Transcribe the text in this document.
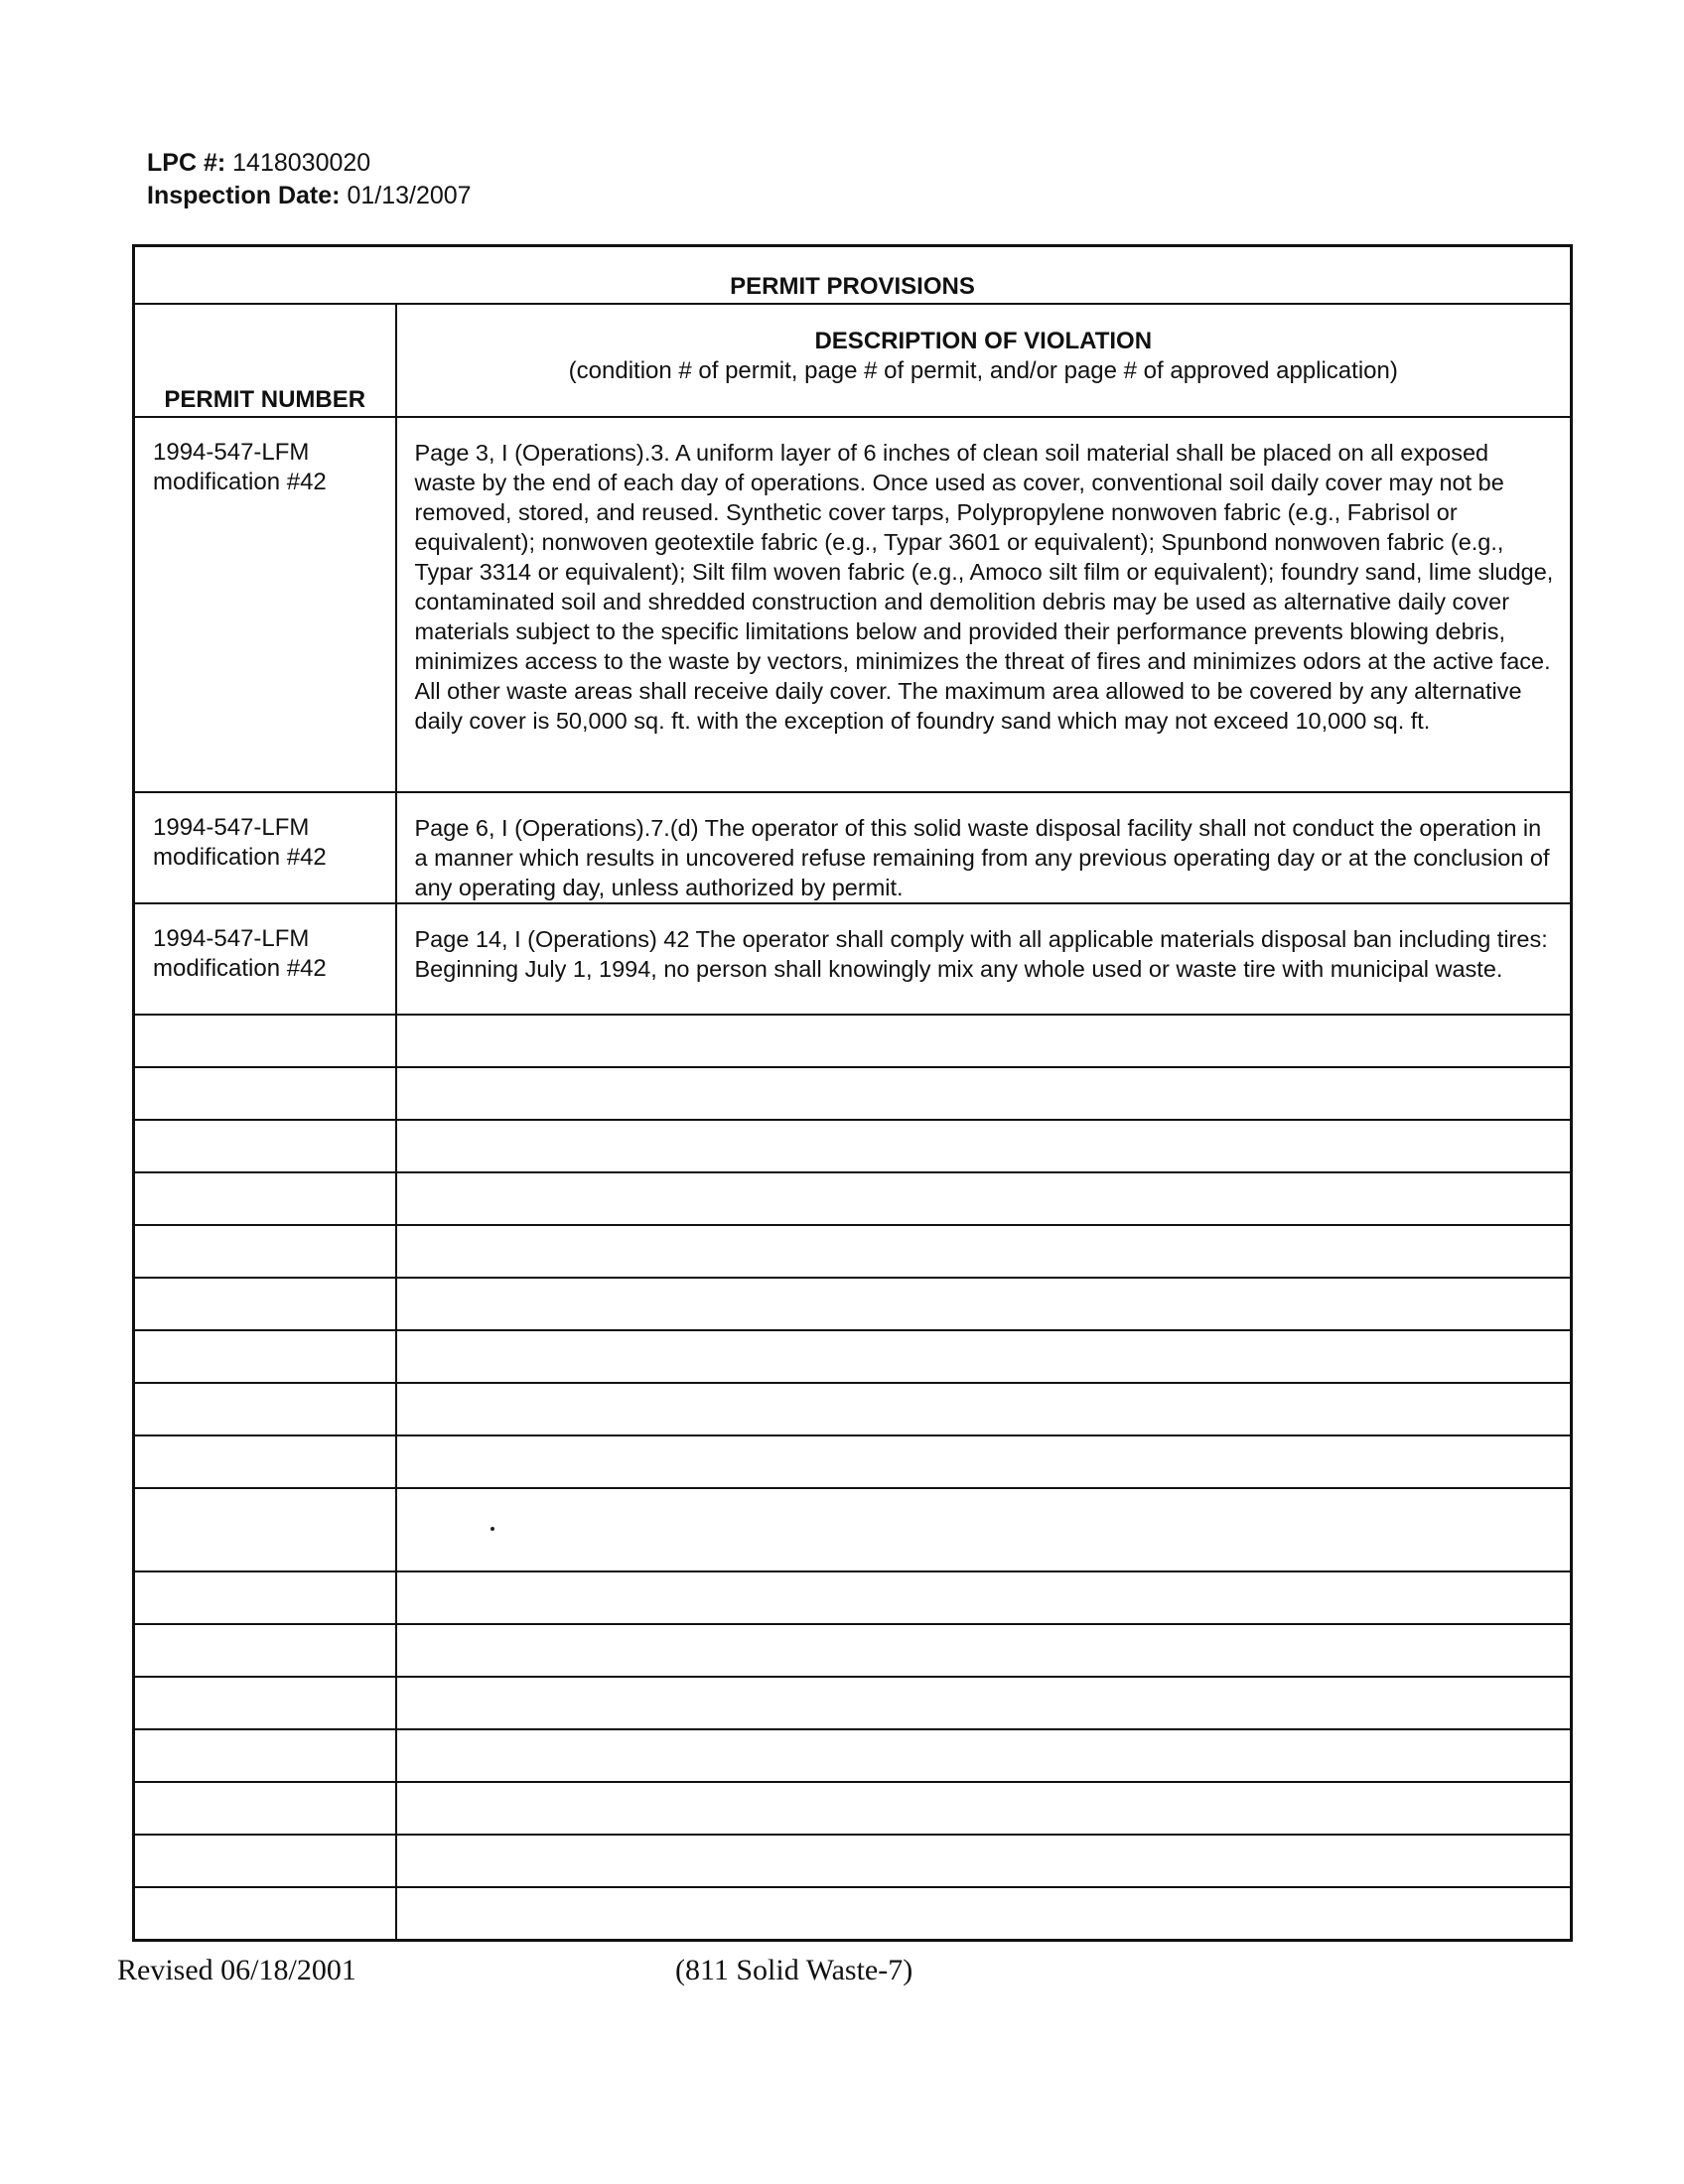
LPC #: 1418030020
Inspection Date: 01/13/2007
PERMIT PROVISIONS	
PERMIT NUMBER	DESCRIPTION OF VIOLATION
(condition # of permit, page # of permit, and/or page # of approved application)

1994-547-LFM
modification #42	Page 3, I (Operations).3. A uniform layer of 6 inches of clean soil material shall be placed on all exposed waste by the end of each day of operations. Once used as cover, conventional soil daily cover may not be removed, stored, and reused. Synthetic cover tarps, Polypropylene nonwoven fabric (e.g., Fabrisol or equivalent); nonwoven geotextile fabric (e.g., Typar 3601 or equivalent); Spunbond nonwoven fabric (e.g., Typar 3314 or equivalent); Silt film woven fabric (e.g., Amoco silt film or equivalent); foundry sand, lime sludge, contaminated soil and shredded construction and demolition debris may be used as alternative daily cover materials subject to the specific limitations below and provided their performance prevents blowing debris, minimizes access to the waste by vectors, minimizes the threat of fires and minimizes odors at the active face. All other waste areas shall receive daily cover. The maximum area allowed to be covered by any alternative daily cover is 50,000 sq. ft. with the exception of foundry sand which may not exceed 10,000 sq. ft.

1994-547-LFM
modification #42	Page 6, I (Operations).7.(d) The operator of this solid waste disposal facility shall not conduct the operation in a manner which results in uncovered refuse remaining from any previous operating day or at the conclusion of any operating day, unless authorized by permit.

1994-547-LFM
modification #42	Page 14, I (Operations) 42 The operator shall comply with all applicable materials disposal ban including tires: Beginning July 1, 1994, no person shall knowingly mix any whole used or waste tire with municipal waste.

Revised 06/18/2001	(811 Solid Waste-7)
